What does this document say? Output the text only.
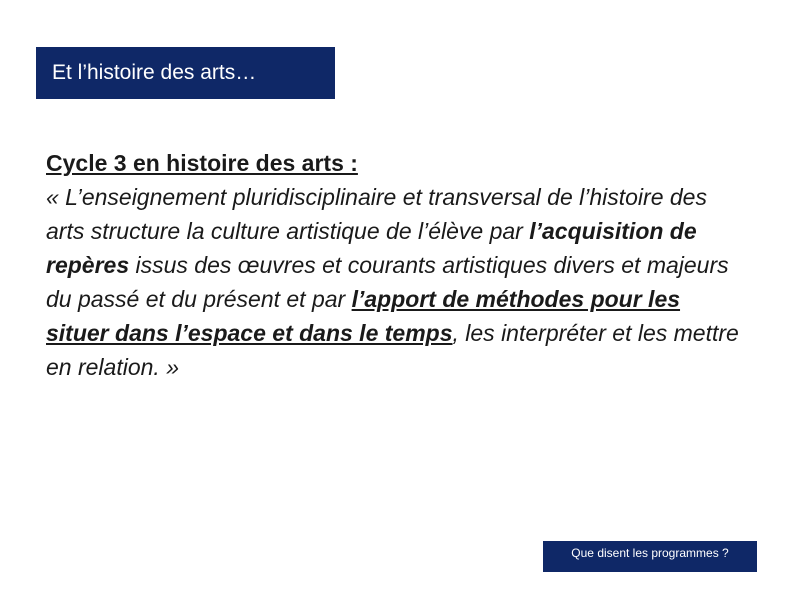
Et l’histoire des arts…
Cycle 3 en histoire des arts :
« L’enseignement pluridisciplinaire et transversal de l’histoire des arts structure la culture artistique de l’élève par l’acquisition de repères issus des œuvres et courants artistiques divers et majeurs du passé et du présent et par l’apport de méthodes pour les situer dans l’espace et dans le temps, les interpréter et les mettre en relation. »
Que disent les programmes ?
